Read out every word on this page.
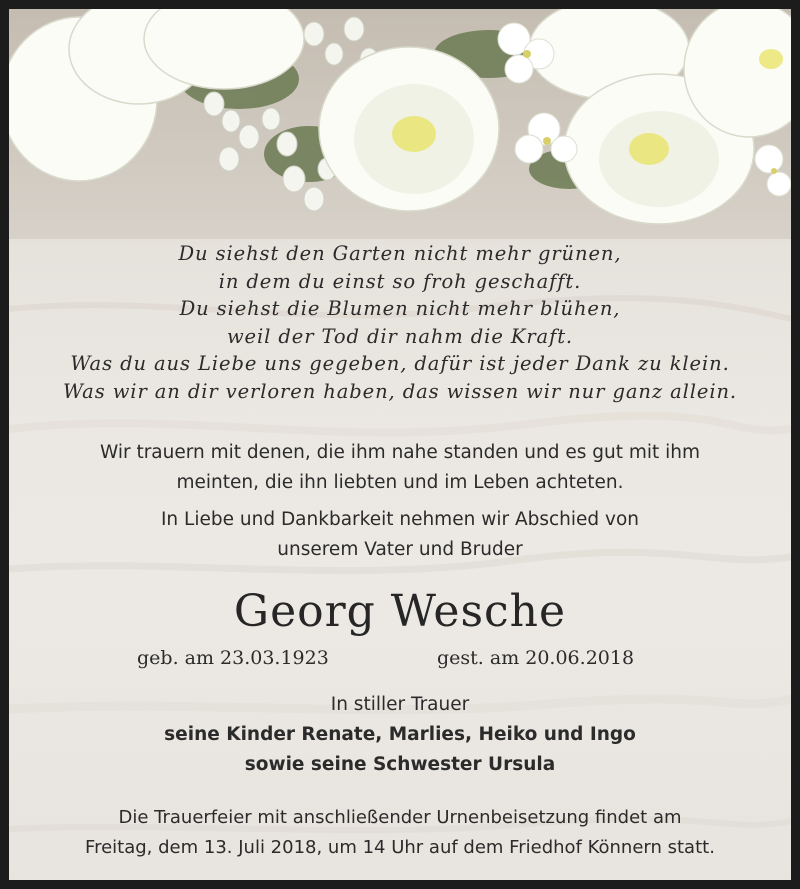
Du siehst den Garten nicht mehr grünen,
in dem du einst so froh geschafft.
Du siehst die Blumen nicht mehr blühen,
weil der Tod dir nahm die Kraft.
Was du aus Liebe uns gegeben, dafür ist jeder Dank zu klein.
Was wir an dir verloren haben, das wissen wir nur ganz allein.
Wir trauern mit denen, die ihm nahe standen und es gut mit ihm
meinten, die ihn liebten und im Leben achteten.
In Liebe und Dankbarkeit nehmen wir Abschied von
unserem Vater und Bruder
Georg Wesche
geb. am 23.03.1923	gest. am 20.06.2018
In stiller Trauer
seine Kinder Renate, Marlies, Heiko und Ingo
sowie seine Schwester Ursula
Die Trauerfeier mit anschließender Urnenbeisetzung findet am
Freitag, dem 13. Juli 2018, um 14 Uhr auf dem Friedhof Könnern statt.
